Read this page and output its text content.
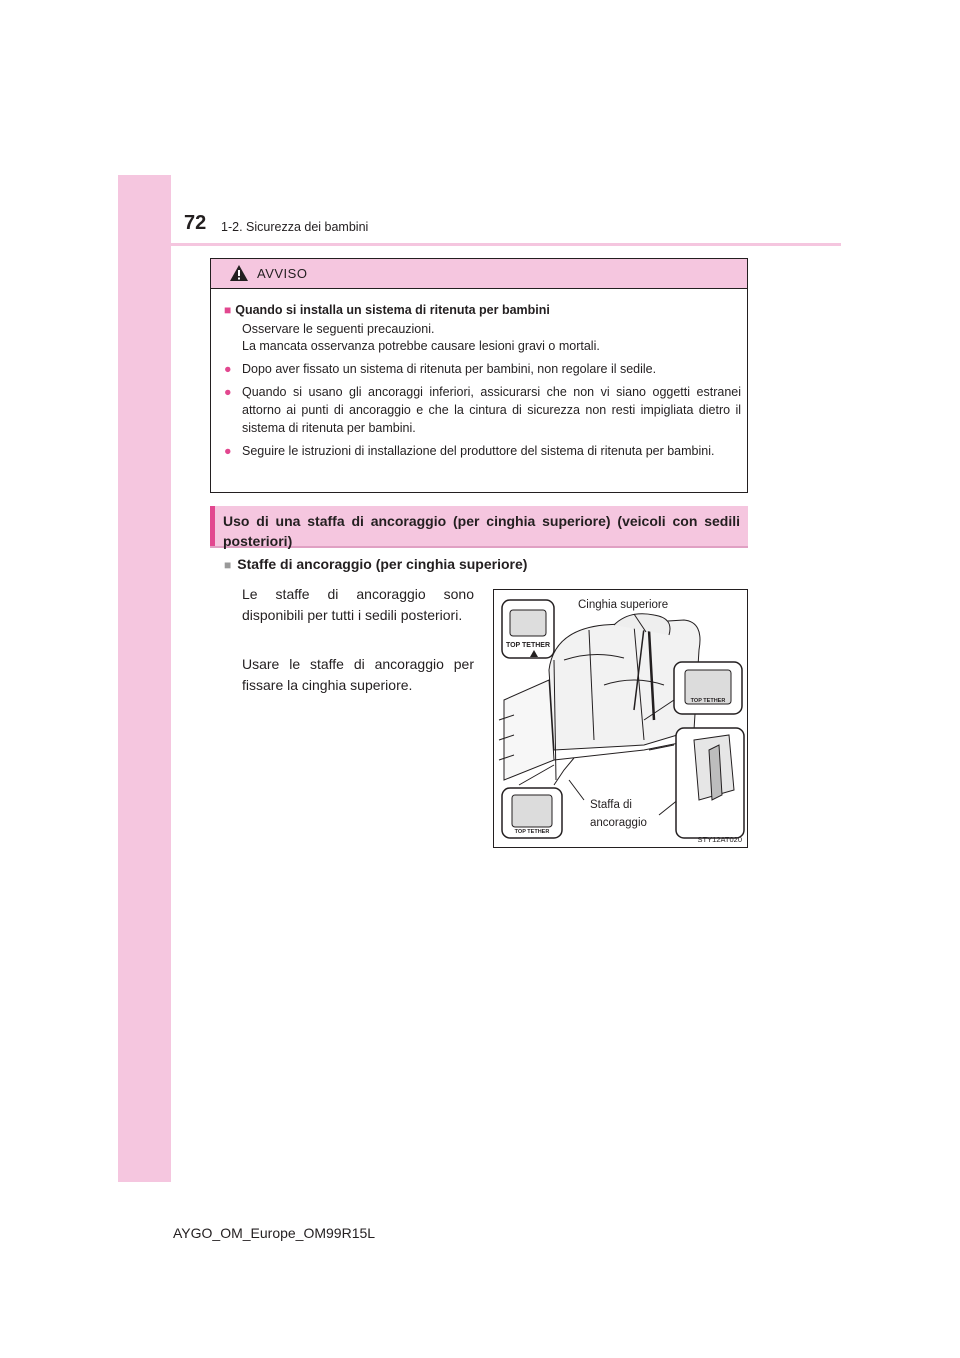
72 1-2. Sicurezza dei bambini
AVVISO
■ Quando si installa un sistema di ritenuta per bambini
Osservare le seguenti precauzioni.
La mancata osservanza potrebbe causare lesioni gravi o mortali.
● Dopo aver fissato un sistema di ritenuta per bambini, non regolare il sedile.
● Quando si usano gli ancoraggi inferiori, assicurarsi che non vi siano oggetti estranei attorno ai punti di ancoraggio e che la cintura di sicurezza non resti impigliata dietro il sistema di ritenuta per bambini.
● Seguire le istruzioni di installazione del produttore del sistema di ritenuta per bambini.
Uso di una staffa di ancoraggio (per cinghia superiore) (veicoli con sedili posteriori)
■ Staffe di ancoraggio (per cinghia superiore)
Le staffe di ancoraggio sono disponibili per tutti i sedili posteriori.
Usare le staffe di ancoraggio per fissare la cinghia superiore.
TOP TETHER
TOP TETHER
TOP TETHER
Cinghia superiore
Staffa di
ancoraggio
STY12AT020
AYGO_OM_Europe_OM99R15L
